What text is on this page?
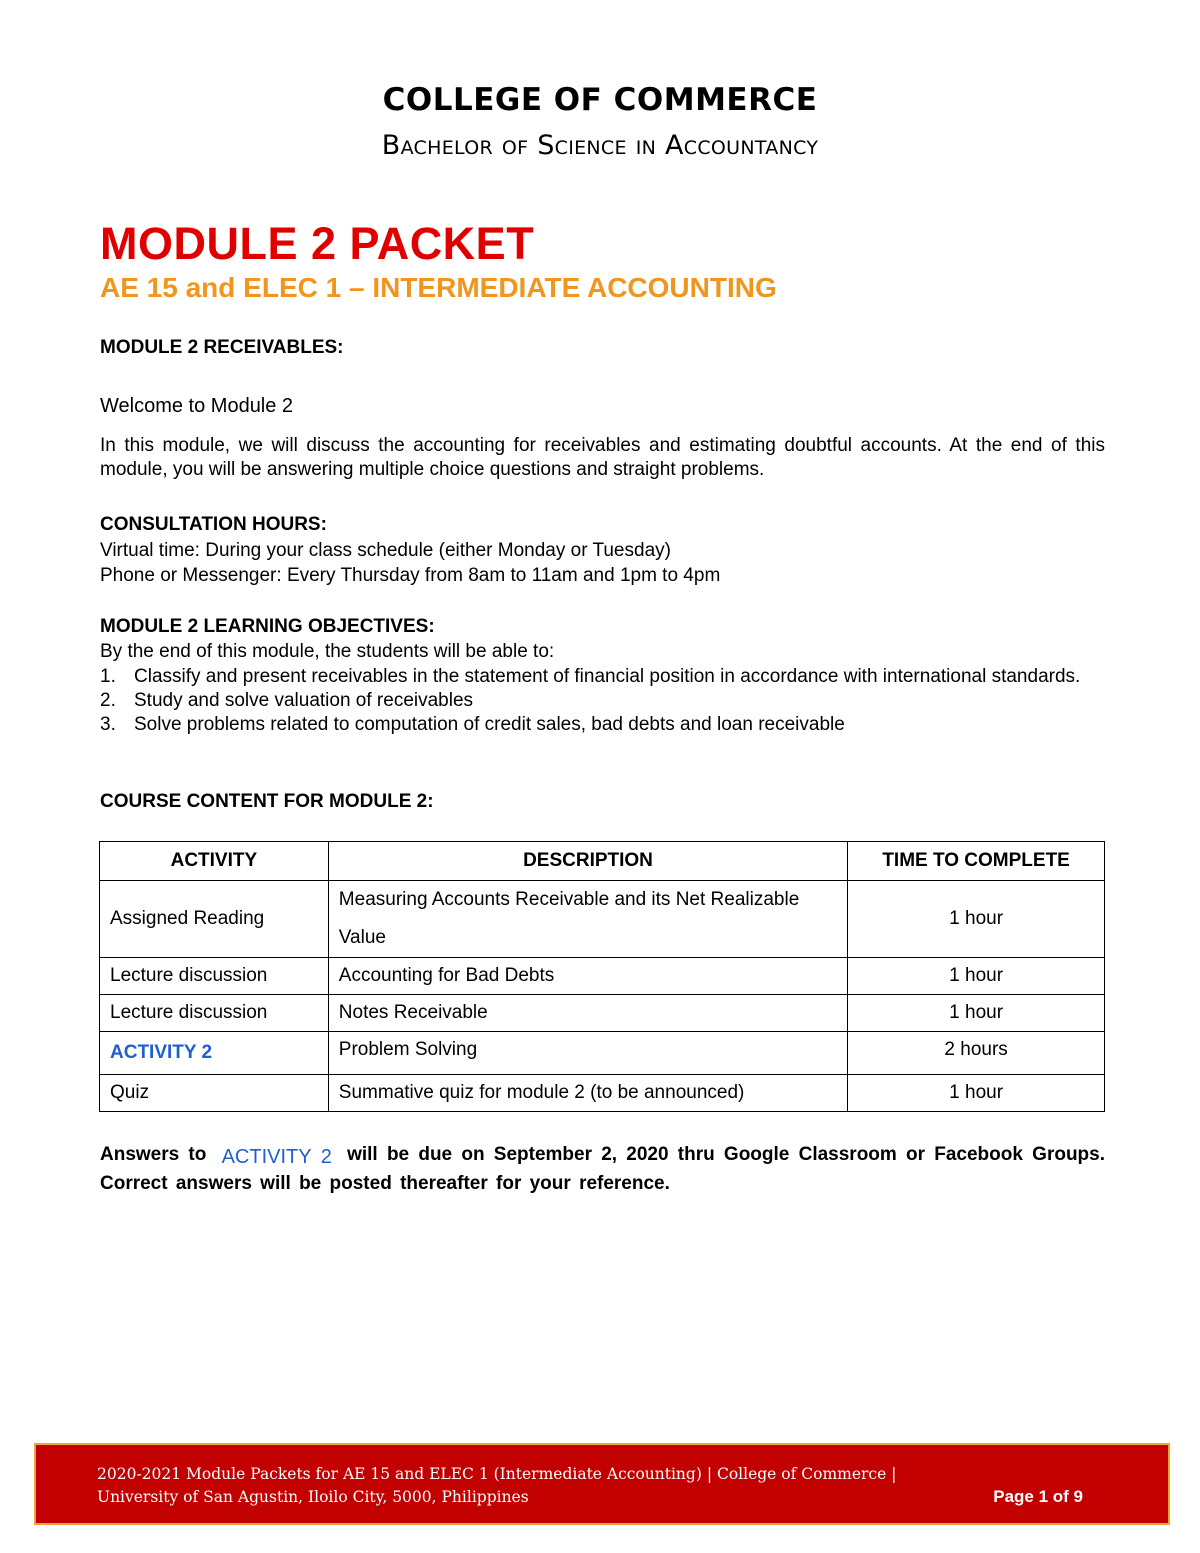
COLLEGE OF COMMERCE
Bachelor of Science in Accountancy
MODULE 2 PACKET
AE 15 and ELEC 1 – INTERMEDIATE ACCOUNTING
MODULE 2 RECEIVABLES:
Welcome to Module 2
In this module, we will discuss the accounting for receivables and estimating doubtful accounts. At the end of this module, you will be answering multiple choice questions and straight problems.
CONSULTATION HOURS:
Virtual time: During your class schedule (either Monday or Tuesday)
Phone or Messenger: Every Thursday from 8am to 11am and 1pm to 4pm
MODULE 2 LEARNING OBJECTIVES:
By the end of this module, the students will be able to:
1. Classify and present receivables in the statement of financial position in accordance with international standards.
2. Study and solve valuation of receivables
3. Solve problems related to computation of credit sales, bad debts and loan receivable
COURSE CONTENT FOR MODULE 2:
ACTIVITY	DESCRIPTION	TIME TO COMPLETE
Assigned Reading	Measuring Accounts Receivable and its Net Realizable Value	1 hour
Lecture discussion	Accounting for Bad Debts	1 hour
Lecture discussion	Notes Receivable	1 hour
ACTIVITY 2	Problem Solving	2 hours
Quiz	Summative quiz for module 2 (to be announced)	1 hour
Answers to ACTIVITY 2 will be due on September 2, 2020 thru Google Classroom or Facebook Groups. Correct answers will be posted thereafter for your reference.
2020-2021 Module Packets for AE 15 and ELEC 1 (Intermediate Accounting) | College of Commerce |
University of San Agustin, Iloilo City, 5000, Philippines	Page 1 of 9
